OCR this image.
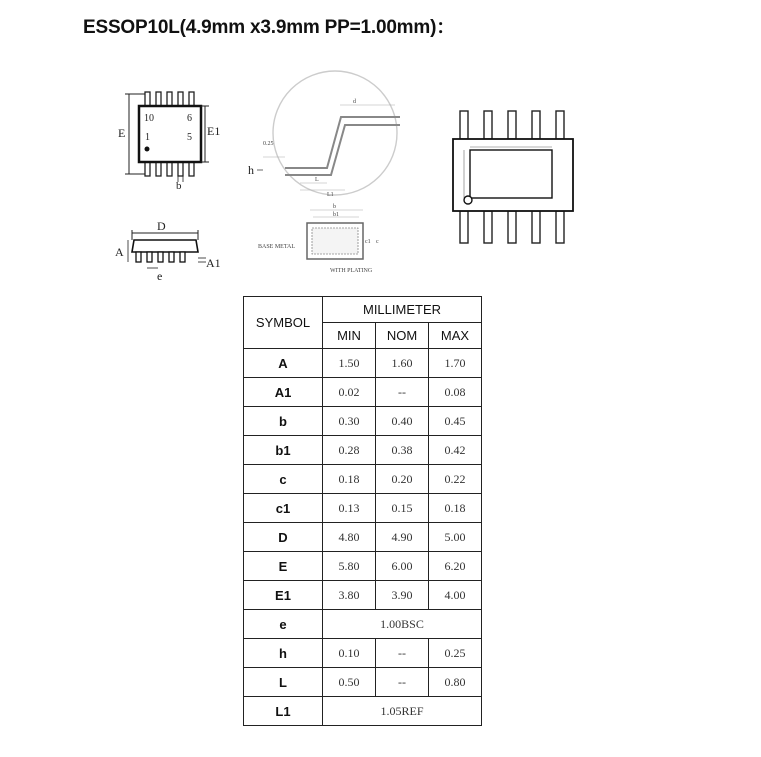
ESSOP10L(4.9mm x3.9mm PP=1.00mm)：
E
10	6
1	5 E1
b
D
A
A1
e
d
0.25
h
L
L1
b
b1
c1 c
BASE METAL
WITH PLATING
SYMBOL	MILLIMETER		
	MIN	NOM	MAX
A	1.50	1.60	1.70
A1	0.02	--	0.08
b	0.30	0.40	0.45
b1	0.28	0.38	0.42
c	0.18	0.20	0.22
c1	0.13	0.15	0.18
D	4.80	4.90	5.00
E	5.80	6.00	6.20
E1	3.80	3.90	4.00
e	1.00BSC		
h	0.10	--	0.25
L	0.50	--	0.80
L1	1.05REF		
